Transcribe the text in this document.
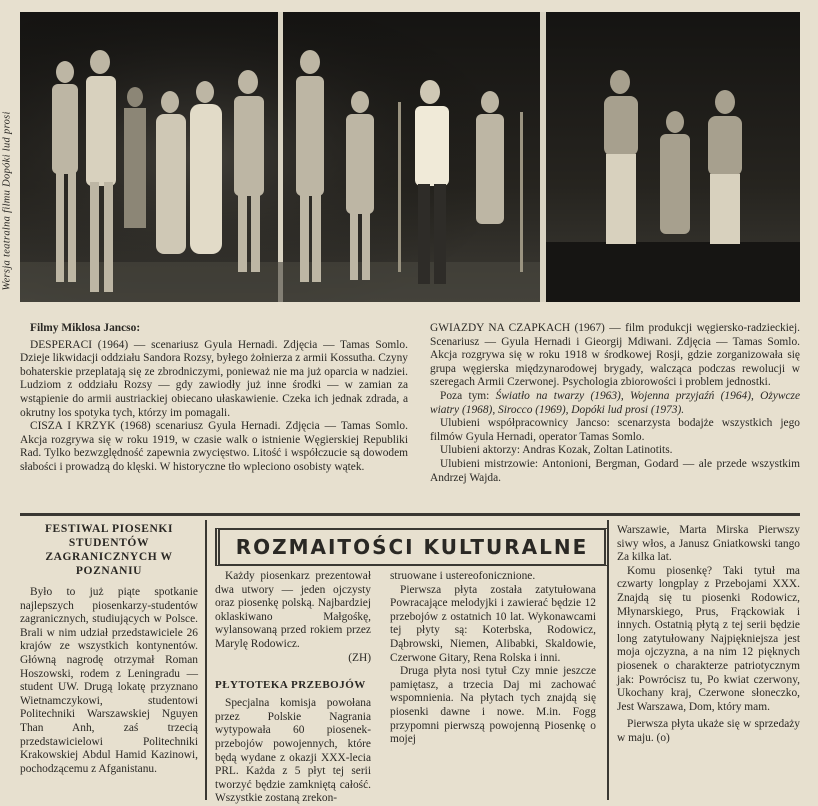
Wersja teatralna filmu Dopóki lud prosi

Filmy Miklosa Jancso:

DESPERACI (1964) — scenariusz Gyula Hernadi. Zdjęcia — Tamas Somlo. Dzieje likwidacji oddziału Sandora Rozsy, byłego żołnierza z armii Kossutha. Czyny bohaterskie przeplatają się ze zbrodniczymi, ponieważ nie ma już oparcia w nadziei. Ludziom z oddziału Rozsy — gdy zawiodły już inne środki — w zamian za wstąpienie do armii austriackiej obiecano ułaskawienie. Czeka ich jednak zdrada, a okrutny los spotyka tych, którzy im pomagali.

CISZA I KRZYK (1968) scenariusz Gyula Hernadi. Zdjęcia — Tamas Somlo. Akcja rozgrywa się w roku 1919, w czasie walk o istnienie Węgierskiej Republiki Rad. Tylko bezwzględność zapewnia zwycięstwo. Litość i współczucie są dowodem słabości i prowadzą do klęski. W historyczne tło wpleciono osobisty wątek.

GWIAZDY NA CZAPKACH (1967) — film produkcji węgiersko-radzieckiej. Scenariusz — Gyula Hernadi i Gieorgij Mdiwani. Zdjęcia — Tamas Somlo. Akcja rozgrywa się w roku 1918 w środkowej Rosji, gdzie zorganizowała się grupa węgierska międzynarodowej brygady, walcząca podczas rewolucji w szeregach Armii Czerwonej. Psychologia zbiorowości i problem jednostki.

Poza tym: Światło na twarzy (1963), Wojenna przyjaźń (1964), Ożywcze wiatry (1968), Sirocco (1969), Dopóki lud prosi (1973).

Ulubieni współpracownicy Jancso: scenarzysta bodajże wszystkich jego filmów Gyula Hernadi, operator Tamas Somlo.

Ulubieni aktorzy: Andras Kozak, Zoltan Latinotits.

Ulubieni mistrzowie: Antonioni, Bergman, Godard — ale przede wszystkim Andrzej Wajda.

FESTIWAL PIOSENKI STUDENTÓW ZAGRANICZNYCH W POZNANIU

Było to już piąte spotkanie najlepszych piosenkarzy-studentów zagranicznych, studiujących w Polsce. Brali w nim udział przedstawiciele 26 krajów ze wszystkich kontynentów. Główną nagrodę otrzymał Roman Hoszowski, rodem z Leningradu — student UW. Drugą lokatę przyznano Wietnamczykowi, studentowi Politechniki Warszawskiej Nguyen Than Anh, zaś trzecią przedstawicielowi Politechniki Krakowskiej Abdul Hamid Kazinowi, pochodzącemu z Afganistanu.

ROZMAITOŚCI KULTURALNE

Każdy piosenkarz prezentował dwa utwory — jeden ojczysty oraz piosenkę polską. Najbardziej oklaskiwano Małgośkę, wylansowaną przed rokiem przez Marylę Rodowicz.

(ZH)

PŁYTOTEKA PRZEBOJÓW

Specjalna komisja powołana przez Polskie Nagrania wytypowała 60 piosenek-przebojów powojennych, które będą wydane z okazji XXX-lecia PRL. Każda z 5 płyt tej serii tworzyć będzie zamkniętą całość. Wszystkie zostaną zrekon-

struowane i ustereofonicznione.

Pierwsza płyta została zatytułowana Powracające melodyjki i zawierać będzie 12 przebojów z ostatnich 10 lat. Wykonawcami tej płyty są: Koterbska, Rodowicz, Dąbrowski, Niemen, Alibabki, Skaldowie, Czerwone Gitary, Rena Rolska i inni.

Druga płyta nosi tytuł Czy mnie jeszcze pamiętasz, a trzecia Daj mi zachować wspomnienia. Na płytach tych znajdą się piosenki dawne i nowe. M.in. Fogg przypomni pierwszą powojenną Piosenkę o mojej

Warszawie, Marta Mirska Pierwszy siwy włos, a Janusz Gniatkowski tango Za kilka lat.

Komu piosenkę? Taki tytuł ma czwarty longplay z Przebojami XXX. Znajdą się tu piosenki Rodowicz, Młynarskiego, Prus, Frąckowiak i innych. Ostatnią płytą z tej serii będzie long zatytułowany Najpiękniejsza jest moja ojczyzna, a na nim 12 pięknych piosenek o charakterze patriotycznym jak: Powrócisz tu, Po kwiat czerwony, Ukochany kraj, Czerwone słoneczko, Jest Warszawa, Dom, który mam.

Pierwsza płyta ukaże się w sprzedaży w maju. (o)
